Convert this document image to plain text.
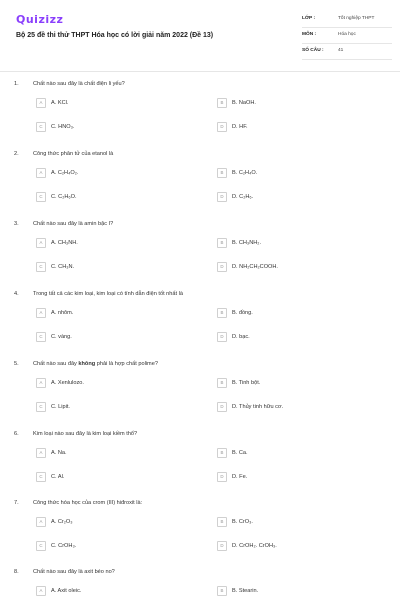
Quizizz
Bộ 25 đề thi thử THPT Hóa học có lời giải năm 2022 (Đề 13)
LỚP :	Tốt nghiệp THPT
MÔN :	Hóa học
SỐ CÂU :	41
1.	Chất nào sau đây là chất điện li yếu?
A	A. KCl.	B	B. NaOH.
C	C. HNO₃.	D	D. HF.
2.	Công thức phân tử của etanol là
A	A. C₂H₄O₂.	B	B. C₂H₄O.
C	C. C₂H₆O.	D	D. C₂H₆.
3.	Chất nào sau đây là amin bậc I?
A	A. CH₃NH.	B	B. CH₃NH₂.
C	C. CH₃N.	D	D. NH₂CH₂COOH.
4.	Trong tất cả các kim loại, kim loại có tính dẫn điện tốt nhất là
A	A. nhôm.	B	B. đồng.
C	C. vàng.	D	D. bạc.
5.	Chất nào sau đây không phải là hợp chất polime?
A	A. Xenlulozo.	B	B. Tinh bột.
C	C. Lipit.	D	D. Thủy tinh hữu cơ.
6.	Kim loại nào sau đây là kim loại kiềm thổ?
A	A. Na.	B	B. Ca.
C	C. Al.	D	D. Fe.
7.	Công thức hóa học của crom (III) hiđroxit là:
A	A. Cr₂O₃	B	B. CrO₃.
C	C. CrOH₃.	D	D. CrOH₂. CrOH₃.
8.	Chất nào sau đây là axit béo no?
A	A. Axit oleic.	B	B. Stearin.
